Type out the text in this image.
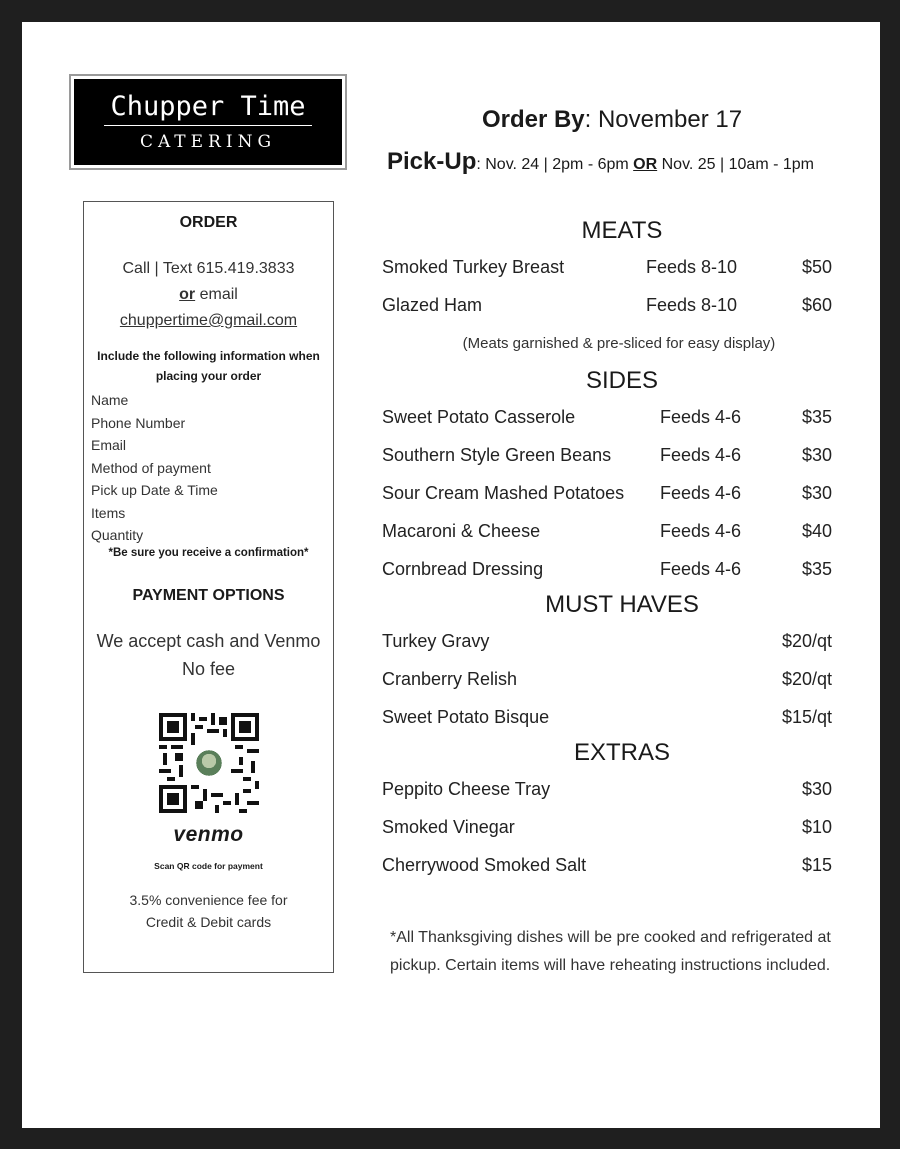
Chupper Time
CATERING
Order By: November 17
Pick-Up: Nov. 24 | 2pm - 6pm OR Nov. 25 | 10am - 1pm
ORDER
Call | Text 615.419.3833
or email
chuppertime@gmail.com
Include the following information when
placing your order
Name
Phone Number
Email
Method of payment
Pick up Date & Time
Items
Quantity
*Be sure you receive a confirmation*
PAYMENT OPTIONS
We accept cash and Venmo
No fee
venmo
Scan QR code for payment
3.5% convenience fee for
Credit & Debit cards
MEATS
Smoked Turkey Breast	Feeds 8-10	$50
Glazed Ham	Feeds 8-10	$60
(Meats garnished & pre-sliced for easy display)
SIDES
Sweet Potato Casserole	Feeds 4-6	$35
Southern Style Green Beans	Feeds 4-6	$30
Sour Cream Mashed Potatoes Feeds 4-6	$30
Macaroni & Cheese	Feeds 4-6	$40
Cornbread Dressing	Feeds 4-6	$35
MUST HAVES
Turkey Gravy	$20/qt
Cranberry Relish	$20/qt
Sweet Potato Bisque	$15/qt
EXTRAS
Peppito Cheese Tray	$30
Smoked Vinegar	$10
Cherrywood Smoked Salt	$15
*All Thanksgiving dishes will be pre cooked and refrigerated at
pickup. Certain items will have reheating instructions included.
